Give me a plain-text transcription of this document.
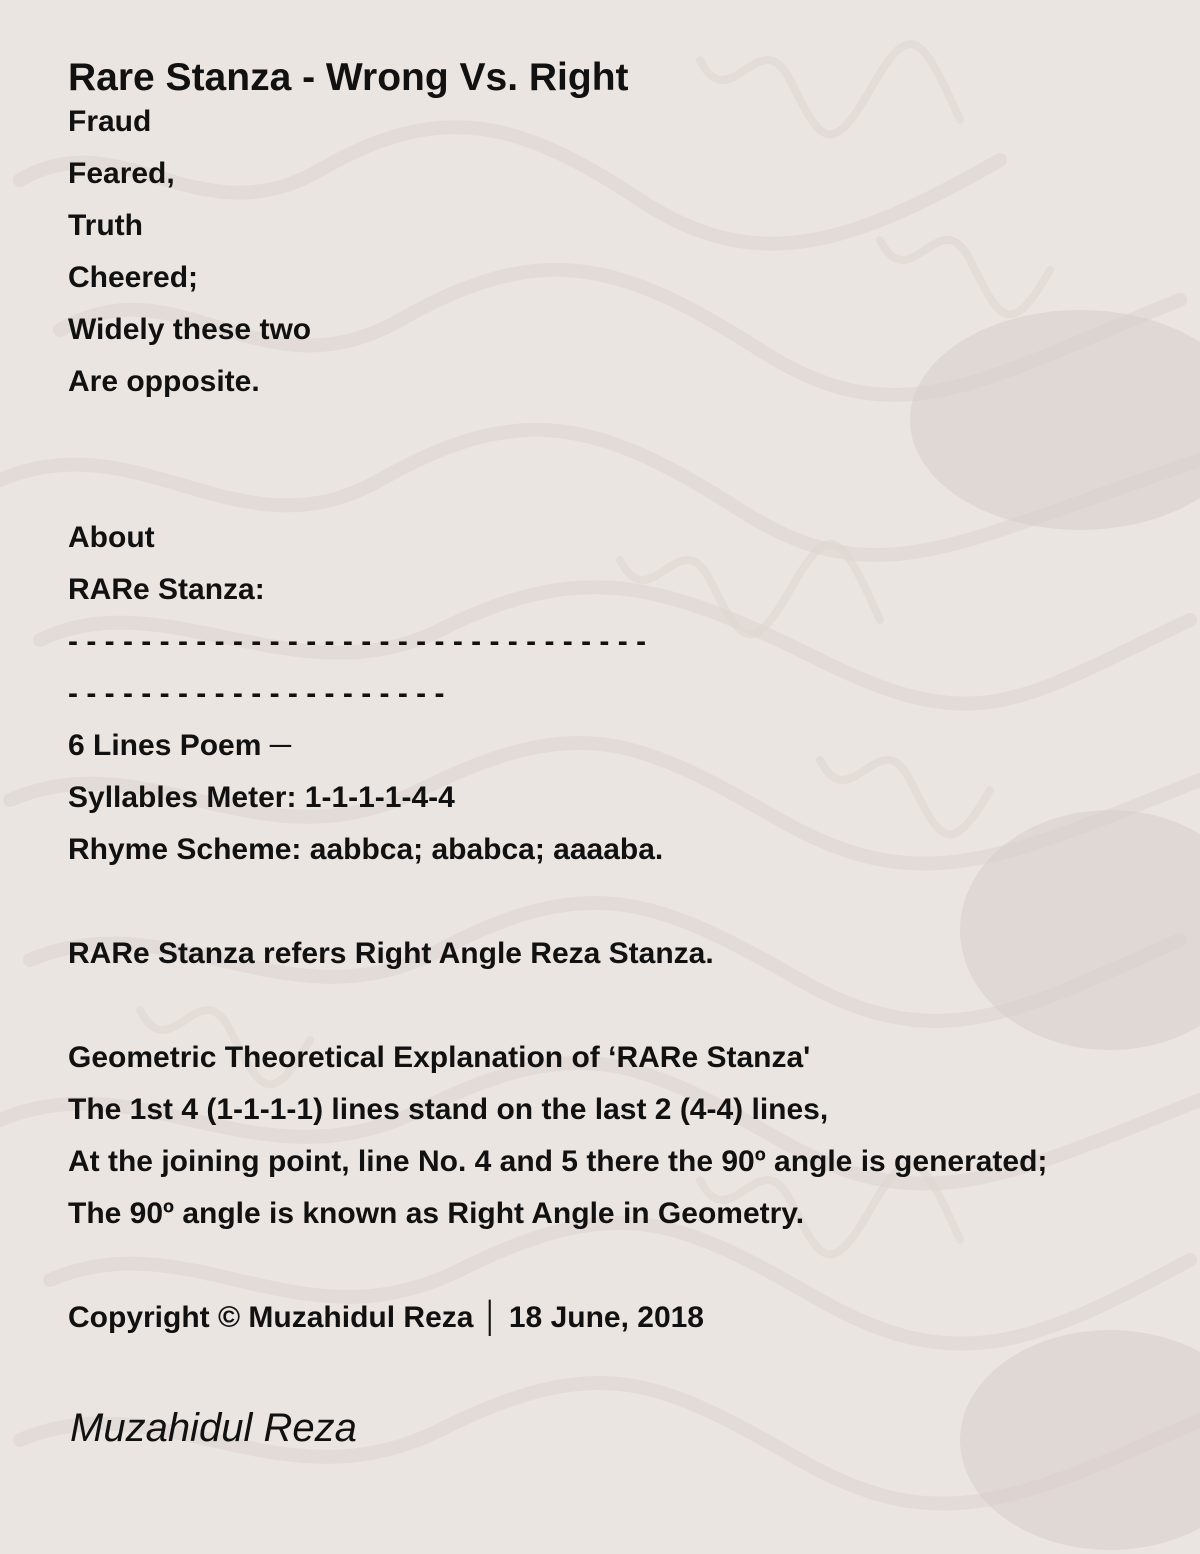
Rare Stanza - Wrong Vs. Right
Fraud
Feared,
Truth
Cheered;
Widely these two
Are opposite.
About
RARe Stanza:
- - - - - - - - - - - - - - - - - - - - - - - - - - - - - - - -
- - - - - - - - - - - - - - - - - - - - -
6 Lines Poem ─
Syllables Meter: 1-1-1-1-4-4
Rhyme Scheme: aabbca; ababca; aaaaba.
RARe Stanza refers Right Angle Reza Stanza.
Geometric Theoretical Explanation of ‘RARe Stanza'
The 1st 4 (1-1-1-1) lines stand on the last 2 (4-4) lines,
At the joining point, line No. 4 and 5 there the 90º angle is generated;
The 90º angle is known as Right Angle in Geometry.
Copyright © Muzahidul Reza │ 18 June, 2018

Muzahidul Reza
